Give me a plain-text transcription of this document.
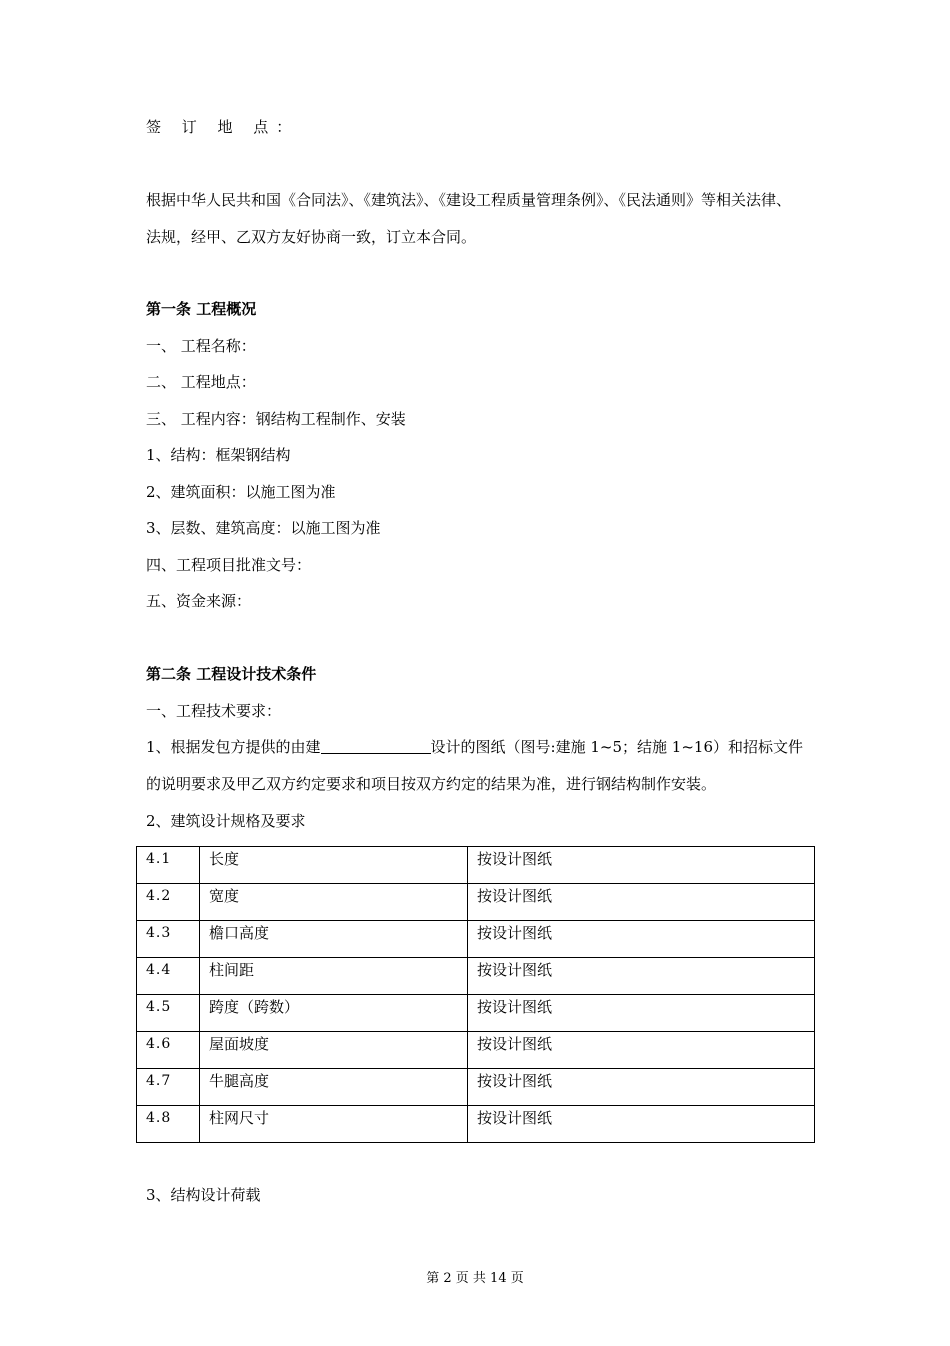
签 订 地 点：
根据中华人民共和国《合同法》、《建筑法》、《建设工程质量管理条例》、《民法通则》等相关法律、
法规，经甲、乙双方友好协商一致，订立本合同。
第一条 工程概况
一、 工程名称：
二、 工程地点：
三、 工程内容：钢结构工程制作、安装
1、结构：框架钢结构
2、建筑面积：以施工图为准
3、层数、建筑高度：以施工图为准
四、工程项目批准文号：
五、资金来源：
第二条 工程设计技术条件
一、工程技术要求：
1、根据发包方提供的由建	设计的图纸（图号:建施 1~5；结施 1~16）和招标文件
的说明要求及甲乙双方约定要求和项目按双方约定的结果为准，进行钢结构制作安装。
2、建筑设计规格及要求
4.1	长度	按设计图纸
4.2	宽度	按设计图纸
4.3	檐口高度	按设计图纸
4.4	柱间距	按设计图纸
4.5	跨度（跨数）	按设计图纸
4.6	屋面坡度	按设计图纸
4.7	牛腿高度	按设计图纸
4.8	柱网尺寸	按设计图纸
3、结构设计荷载
第 2 页 共 14 页
